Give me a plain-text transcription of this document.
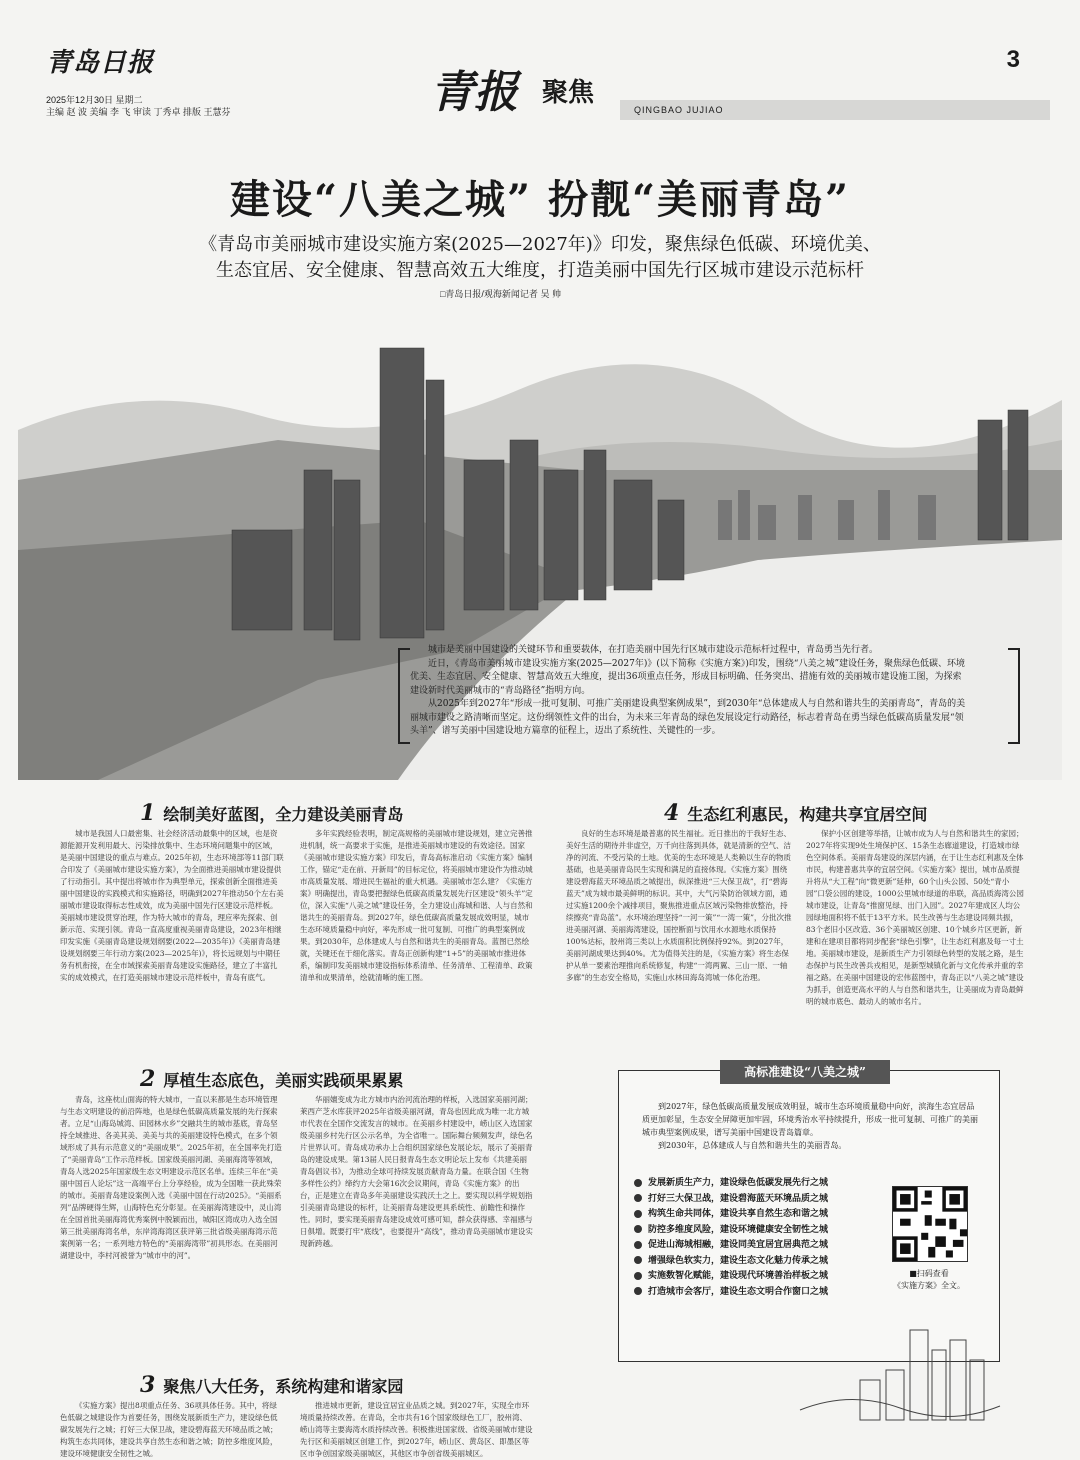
青岛日报
2025年12月30日 星期二
主编 赵 波 美编 李 飞 审读 丁秀卓 排版 王慧芬	青报 聚焦
QINGBAO JUJIAO
3
建设“八美之城” 扮靓“美丽青岛”
《青岛市美丽城市建设实施方案(2025—2027年)》印发，聚焦绿色低碳、环境优美、
生态宜居、安全健康、智慧高效五大维度，打造美丽中国先行区城市建设示范标杆
□青岛日报/观海新闻记者 吴 帅

城市是美丽中国建设的关键环节和重要载体，在打造美丽中国先行区城市建设示范标杆过程中，青岛勇当先行者。

近日，《青岛市美丽城市建设实施方案(2025—2027年)》(以下简称《实施方案》)印发，围绕“八美之城”建设任务，聚焦绿色低碳、环境优美、生态宜居、安全健康、智慧高效五大维度，提出36项重点任务，形成目标明确、任务突出、措施有效的美丽城市建设施工图，为探索建设新时代美丽城市的“青岛路径”指明方向。

从2025年到2027年“形成一批可复制、可推广美丽建设典型案例成果”，到2030年“总体建成人与自然和谐共生的美丽青岛”，青岛的美丽城市建设之路清晰而坚定。这份纲领性文件的出台，为未来三年青岛的绿色发展设定行动路径，标志着青岛在勇当绿色低碳高质量发展“领头羊”、谱写美丽中国建设地方篇章的征程上，迈出了系统性、关键性的一步。

1 绘制美好蓝图，全力建设美丽青岛

城市是我国人口最密集、社会经济活动最集中的区域，也是资源能源开发利用最大、污染排放集中、生态环境问题集中的区域，是美丽中国建设的重点与难点。2025年初，生态环境部等11部门联合印发了《美丽城市建设实施方案》，为全面推进美丽城市建设提供了行动指引。其中提出将城市作为典型单元，探索创新全面推进美丽中国建设的实践模式和实施路径，明确到2027年推动50个左右美丽城市建设取得标志性成效，成为美丽中国先行区建设示范样板。美丽城市建设贯穿治理，作为特大城市的青岛，理应率先探索、创新示范、实现引领。青岛一直高度重视美丽青岛建设，2023年相继印发实施《美丽青岛建设规划纲要(2022—2035年)》《美丽青岛建设规划纲要三年行动方案(2023—2025年)》，将长远规划与中期任务有机衔接，在全市域探索美丽青岛建设实施路径，建立了丰富扎实的成效模式，在打造美丽城市建设示范样板中，青岛有底气。

多年实践经验表明，制定高规格的美丽城市建设规划，建立完善推进机制，统一高要求于实施，是推进美丽城市建设的有效途径。国家《美丽城市建设实施方案》印发后，青岛高标准启动《实施方案》编制工作，锚定“走在前、开新局”的目标定位，将美丽城市建设作为推动城市高质量发展、增进民生福祉的重大机遇。美丽城市怎么建？《实施方案》明确提出，青岛要把握绿色低碳高质量发展先行区建设“领头羊”定位，深入实施“八美之城”建设任务，全力建设山海城和谐、人与自然和谐共生的美丽青岛。到2027年，绿色低碳高质量发展成效明显，城市生态环境质量稳中向好，率先形成一批可复制、可推广的典型案例成果。到2030年，总体建成人与自然和谐共生的美丽青岛。蓝图已然绘就，关键还在于细化落实。青岛正创新构建“1+5”的美丽城市推进体系，编制印发美丽城市建设指标体系清单、任务清单、工程清单、政策清单和成果清单，绘就清晰的施工图。

2 厚植生态底色，美丽实践硕果累累

青岛，这座枕山面海的特大城市，一直以来都是生态环境管理与生态文明建设的前沿阵地，也是绿色低碳高质量发展的先行探索者。立足“山海岛城湾、田园林水乡”交融共生的城市基底，青岛坚持全域推进、各美其美、美美与共的美丽建设特色模式，在多个领域形成了具有示范意义的“美丽成果”。2025年初，在全国率先打造了“美丽青岛”工作示范样板。国家级美丽河湖、美丽海湾等领域，青岛人选2025年国家级生态文明建设示范区名单。连续三年在“美丽中国百人论坛”这一高端平台上分享经验，成为全国唯一获此殊荣的城市。美丽青岛建设案例入选《美丽中国在行动2025》。“美丽系列”品牌硬得生辉，山海特色充分彰显。在美丽海湾建设中，灵山湾在全国首批美丽海湾优秀案例中脱颖而出，城阳区湾成功入选全国第三批美丽海湾名单，东岸湾海湾区获评第三批省级美丽海湾示范案例第一名；一系列地方特色的“美丽海湾带”初具形态。在美丽河湖建设中，李村河被誉为“城市中的河”。

华丽嬗变成为北方城市内治河流治理的样板，入选国家美丽河湖；莱西产芝水库获评2025年省级美丽河湖，青岛也因此成为唯一北方城市代表在全国作交流发言的城市。在美丽乡村建设中，崂山区入选国家级美丽乡村先行区公示名单，为全省唯一。国际舞台频频发声，绿色名片世界认可。青岛成功承办上合组织国家绿色发展论坛，展示了美丽青岛的建设成果。第13届人民日报青岛生态文明论坛上发布《共建美丽青岛倡议书》，为推动全球可持续发展贡献青岛力量。在联合国《生物多样性公约》缔约方大会第16次会议期间，青岛《实施方案》的出台，正是建立在青岛多年美丽建设实践沃土之上。要实现以科学规划指引美丽青岛建设的标杆，让美丽青岛建设更具系统性、前瞻性和操作性。同时，要实现美丽青岛建设成效可感可知，群众获得感、幸福感与日俱增。既要打牢“底线”，也要提升“高线”，推动青岛美丽城市建设实现新跨越。

3 聚焦八大任务，系统构建和谐家园

《实施方案》提出8项重点任务、36项具体任务。其中，将绿色低碳之城建设作为首要任务，围绕发展新质生产力，建设绿色低碳发展先行之城；打好三大保卫战，建设碧海蓝天环境品质之城；构筑生态共同体，建设共享自然生态和谐之城；防控多维度风险，建设环境健康安全韧性之城。

推进城市更新，建设宜居宜业品质之城。到2027年，实现全市环境质量持续改善。在青岛，全市共有16个国家级绿色工厂，胶州湾、崂山湾等主要海湾水质持续改善。积极推进国家级、省级美丽城市建设先行区和美丽城区创建工作，到2027年，崂山区、黄岛区、即墨区等区市争创国家级美丽城区，其他区市争创省级美丽城区。

4 生态红利惠民，构建共享宜居空间

良好的生态环境是最普惠的民生福祉。近日推出的于我好生态、美好生活的期待并非虚空，万千向往落到具体，就是清新的空气、洁净的河流、不受污染的土地。优美的生态环境是人类赖以生存的物质基础，也是美丽青岛民生实现和满足的直接体现。《实施方案》围绕建设碧海蓝天环境品质之城提出，纵深推进“三大保卫战”，打“碧海蓝天”成为城市最美鲜明的标识。其中，大气污染防治领域方面，通过实施1200余个减排项目，聚焦推进重点区域污染物排放整治，持续擦亮“青岛蓝”。水环境治理坚持“一河一策”“一湾一策”，分批次推进美丽河湖、美丽海湾建设，国控断面与饮用水水源地水质保持100%达标，胶州湾三类以上水质面积比例保持92%。到2027年，美丽河湖成果达到40%。尤为值得关注的是，《实施方案》将生态保护从单一要素治理推向系统修复，构建“一湾两翼、三山一原、一轴多廊”的生态安全格局，实施山水林田海岛湾城一体化治理。

保护小区创建等举措，让城市成为人与自然和谐共生的家园；2027年将实现9处生境保护区、15条生态廊道建设，打造城市绿色空间体系。美丽青岛建设的深层内涵，在于让生态红利惠及全体市民，构建普惠共享的宜居空间。《实施方案》提出，城市品质提升将从“大工程”向“微更新”延伸，60个山头公园、50处“青小园”口袋公园的建设，1000公里城市绿道的串联，高品质海湾公园城市建设，让青岛“推窗见绿、出门入园”。2027年建成区人均公园绿地面积将不低于13平方米。民生改善与生态建设同频共振，83个老旧小区改造、36个美丽城区创建、10个城乡片区更新，新建和在建项目都将同步配套“绿色引擎”，让生态红利惠及每一寸土地。美丽城市建设，是新质生产力引领绿色转型的发展之路，是生态保护与民生改善兵戎相见，是新型城镇化新与文化传承并重的幸福之路。在美丽中国建设的宏伟蓝图中，青岛正以“八美之城”建设为抓手，创造更高水平的人与自然和谐共生，让美丽成为青岛最鲜明的城市底色、最动人的城市名片。

高标准建设“八美之城”
到2027年，绿色低碳高质量发展成效明显，城市生态环境质量稳中向好，滨海生态宜居品质更加彰显，生态安全屏障更加牢固，环境秀治水平持续提升，形成一批可复制、可推广的美丽城市典型案例成果，谱写美丽中国建设青岛篇章。
到2030年，总体建成人与自然和谐共生的美丽青岛。
发展新质生产力，建设绿色低碳发展先行之城
打好三大保卫战，建设碧海蓝天环境品质之城
构筑生命共同体，建设共享自然生态和谐之城
防控多维度风险，建设环境健康安全韧性之城
促进山海城相融，建设同美宜居宜居典范之城
增强绿色软实力，建设生态文化魅力传承之城
实施数智化赋能，建设现代环境善治样板之城
打造城市会客厅，建设生态文明合作窗口之城
■扫码查看
《实施方案》全文。
